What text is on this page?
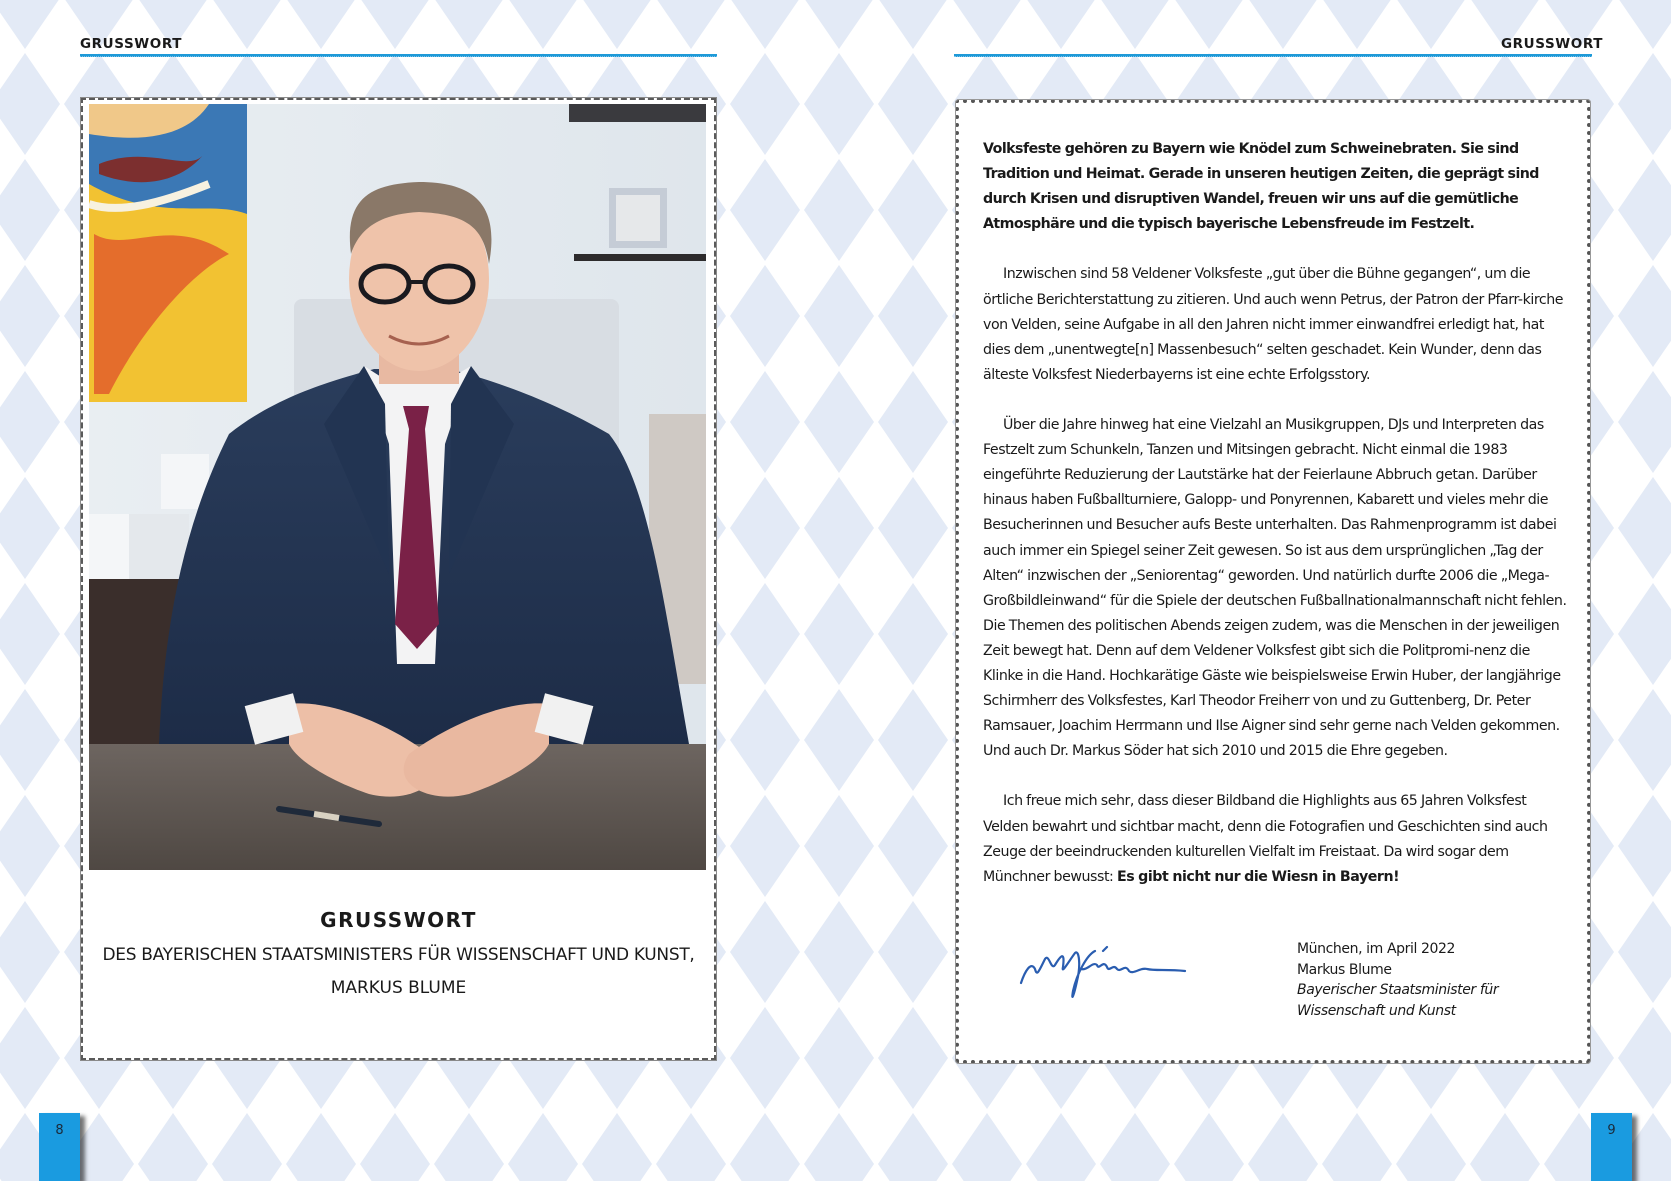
GRUSSWORT
GRUSSWORT
DES BAYERISCHEN STAATSMINISTERS FÜR WISSENSCHAFT UND KUNST,
MARKUS BLUME
8
GRUSSWORT

Volksfeste gehören zu Bayern wie Knödel zum Schweinebraten. Sie sind Tradition und Heimat. Gerade in unseren heutigen Zeiten, die geprägt sind durch Krisen und disruptiven Wandel, freuen wir uns auf die gemütliche Atmosphäre und die typisch bayerische Lebensfreude im Festzelt.

Inzwischen sind 58 Veldener Volksfeste „gut über die Bühne gegangen“, um die örtliche Berichterstattung zu zitieren. Und auch wenn Petrus, der Patron der Pfarr-kirche von Velden, seine Aufgabe in all den Jahren nicht immer einwandfrei erledigt hat, hat dies dem „unentwegte[n] Massenbesuch“ selten geschadet. Kein Wunder, denn das älteste Volksfest Niederbayerns ist eine echte Erfolgsstory.

Über die Jahre hinweg hat eine Vielzahl an Musikgruppen, DJs und Interpreten das Festzelt zum Schunkeln, Tanzen und Mitsingen gebracht. Nicht einmal die 1983 eingeführte Reduzierung der Lautstärke hat der Feierlaune Abbruch getan. Darüber hinaus haben Fußballturniere, Galopp- und Ponyrennen, Kabarett und vieles mehr die Besucherinnen und Besucher aufs Beste unterhalten. Das Rahmenprogramm ist dabei auch immer ein Spiegel seiner Zeit gewesen. So ist aus dem ursprünglichen „Tag der Alten“ inzwischen der „Seniorentag“ geworden. Und natürlich durfte 2006 die „Mega-Großbildleinwand“ für die Spiele der deutschen Fußballnationalmannschaft nicht fehlen. Die Themen des politischen Abends zeigen zudem, was die Menschen in der jeweiligen Zeit bewegt hat. Denn auf dem Veldener Volksfest gibt sich die Politpromi-nenz die Klinke in die Hand. Hochkarätige Gäste wie beispielsweise Erwin Huber, der langjährige Schirmherr des Volksfestes, Karl Theodor Freiherr von und zu Guttenberg, Dr. Peter Ramsauer, Joachim Herrmann und Ilse Aigner sind sehr gerne nach Velden gekommen. Und auch Dr. Markus Söder hat sich 2010 und 2015 die Ehre gegeben.

Ich freue mich sehr, dass dieser Bildband die Highlights aus 65 Jahren Volksfest Velden bewahrt und sichtbar macht, denn die Fotografien und Geschichten sind auch Zeuge der beeindruckenden kulturellen Vielfalt im Freistaat. Da wird sogar dem Münchner bewusst: Es gibt nicht nur die Wiesn in Bayern!

München, im April 2022
Markus Blume
Bayerischer Staatsminister für
Wissenschaft und Kunst
9
